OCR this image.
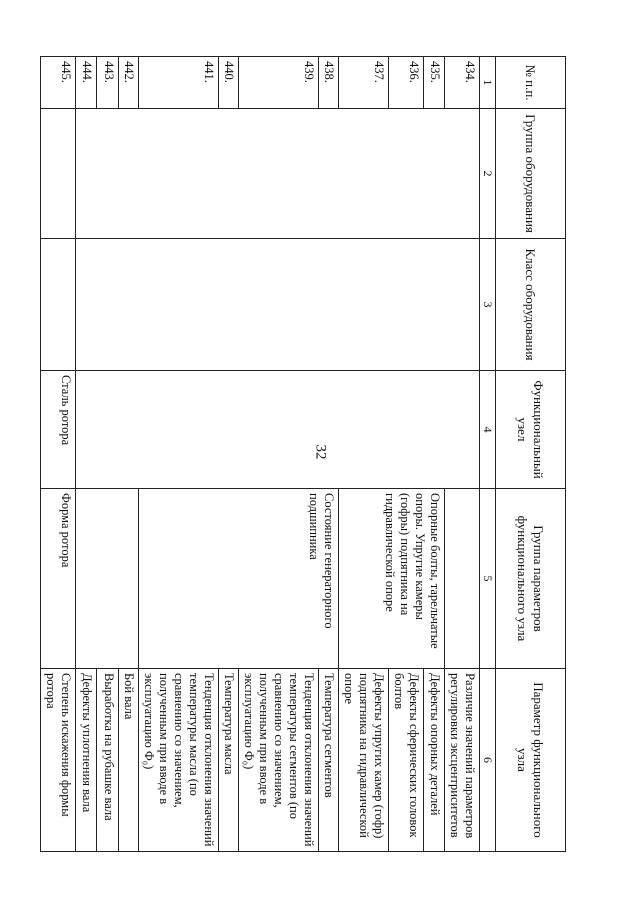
32
№ п.п.	Группа оборудования	Класс оборудования	Функциональный узел	Группа параметров функционального узла	Параметр функционального узла
1	2	3	4	5	6
434.					Различие значений параметров регулировки эксцентриситетов
435.				Опорные болты, тарельчатые опоры. Упругие камеры (гофры) подпятника на гидравлической опоре	Дефекты опорных деталей
436.					Дефекты сферических головок болтов
437.					Дефекты упругих камер (гофр) подпятника на гидравлической опоре
438.				Состояние генераторного подшипника	Температура сегментов
439.					Тенденция отклонения значений температуры сегментов (по сравнению со значением, полученным при вводе в эксплуатацию Ф₀)
440.					Температура масла
441.					Тенденция отклонения значений температуры масла (по сравнению со значением, полученным при вводе в эксплуатацию Ф₀)
442.					Бой вала
443.					Выработка на рубашке вала
444.					Дефекты уплотнения вала
445.			Сталь ротора	Форма ротора	Степень искажения формы ротора
